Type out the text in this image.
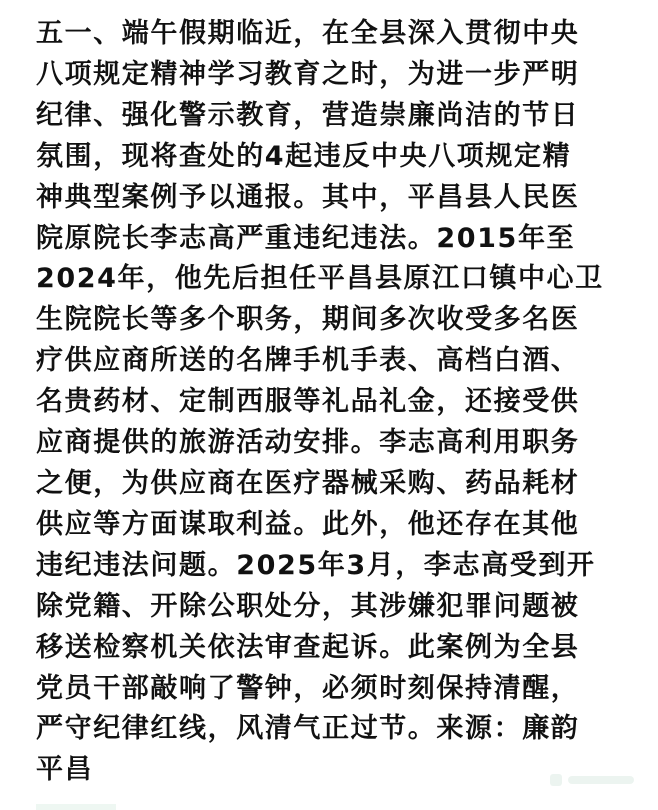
五一、端午假期临近，在全县深入贯彻中央
八项规定精神学习教育之时，为进一步严明
纪律、强化警示教育，营造崇廉尚洁的节日
氛围，现将查处的4起违反中央八项规定精
神典型案例予以通报。其中，平昌县人民医
院原院长李志高严重违纪违法。2015年至
2024年，他先后担任平昌县原江口镇中心卫
生院院长等多个职务，期间多次收受多名医
疗供应商所送的名牌手机手表、高档白酒、
名贵药材、定制西服等礼品礼金，还接受供
应商提供的旅游活动安排。李志高利用职务
之便，为供应商在医疗器械采购、药品耗材
供应等方面谋取利益。此外，他还存在其他
违纪违法问题。2025年3月，李志高受到开
除党籍、开除公职处分，其涉嫌犯罪问题被
移送检察机关依法审查起诉。此案例为全县
党员干部敲响了警钟，必须时刻保持清醒，
严守纪律红线，风清气正过节。来源：廉韵
平昌
